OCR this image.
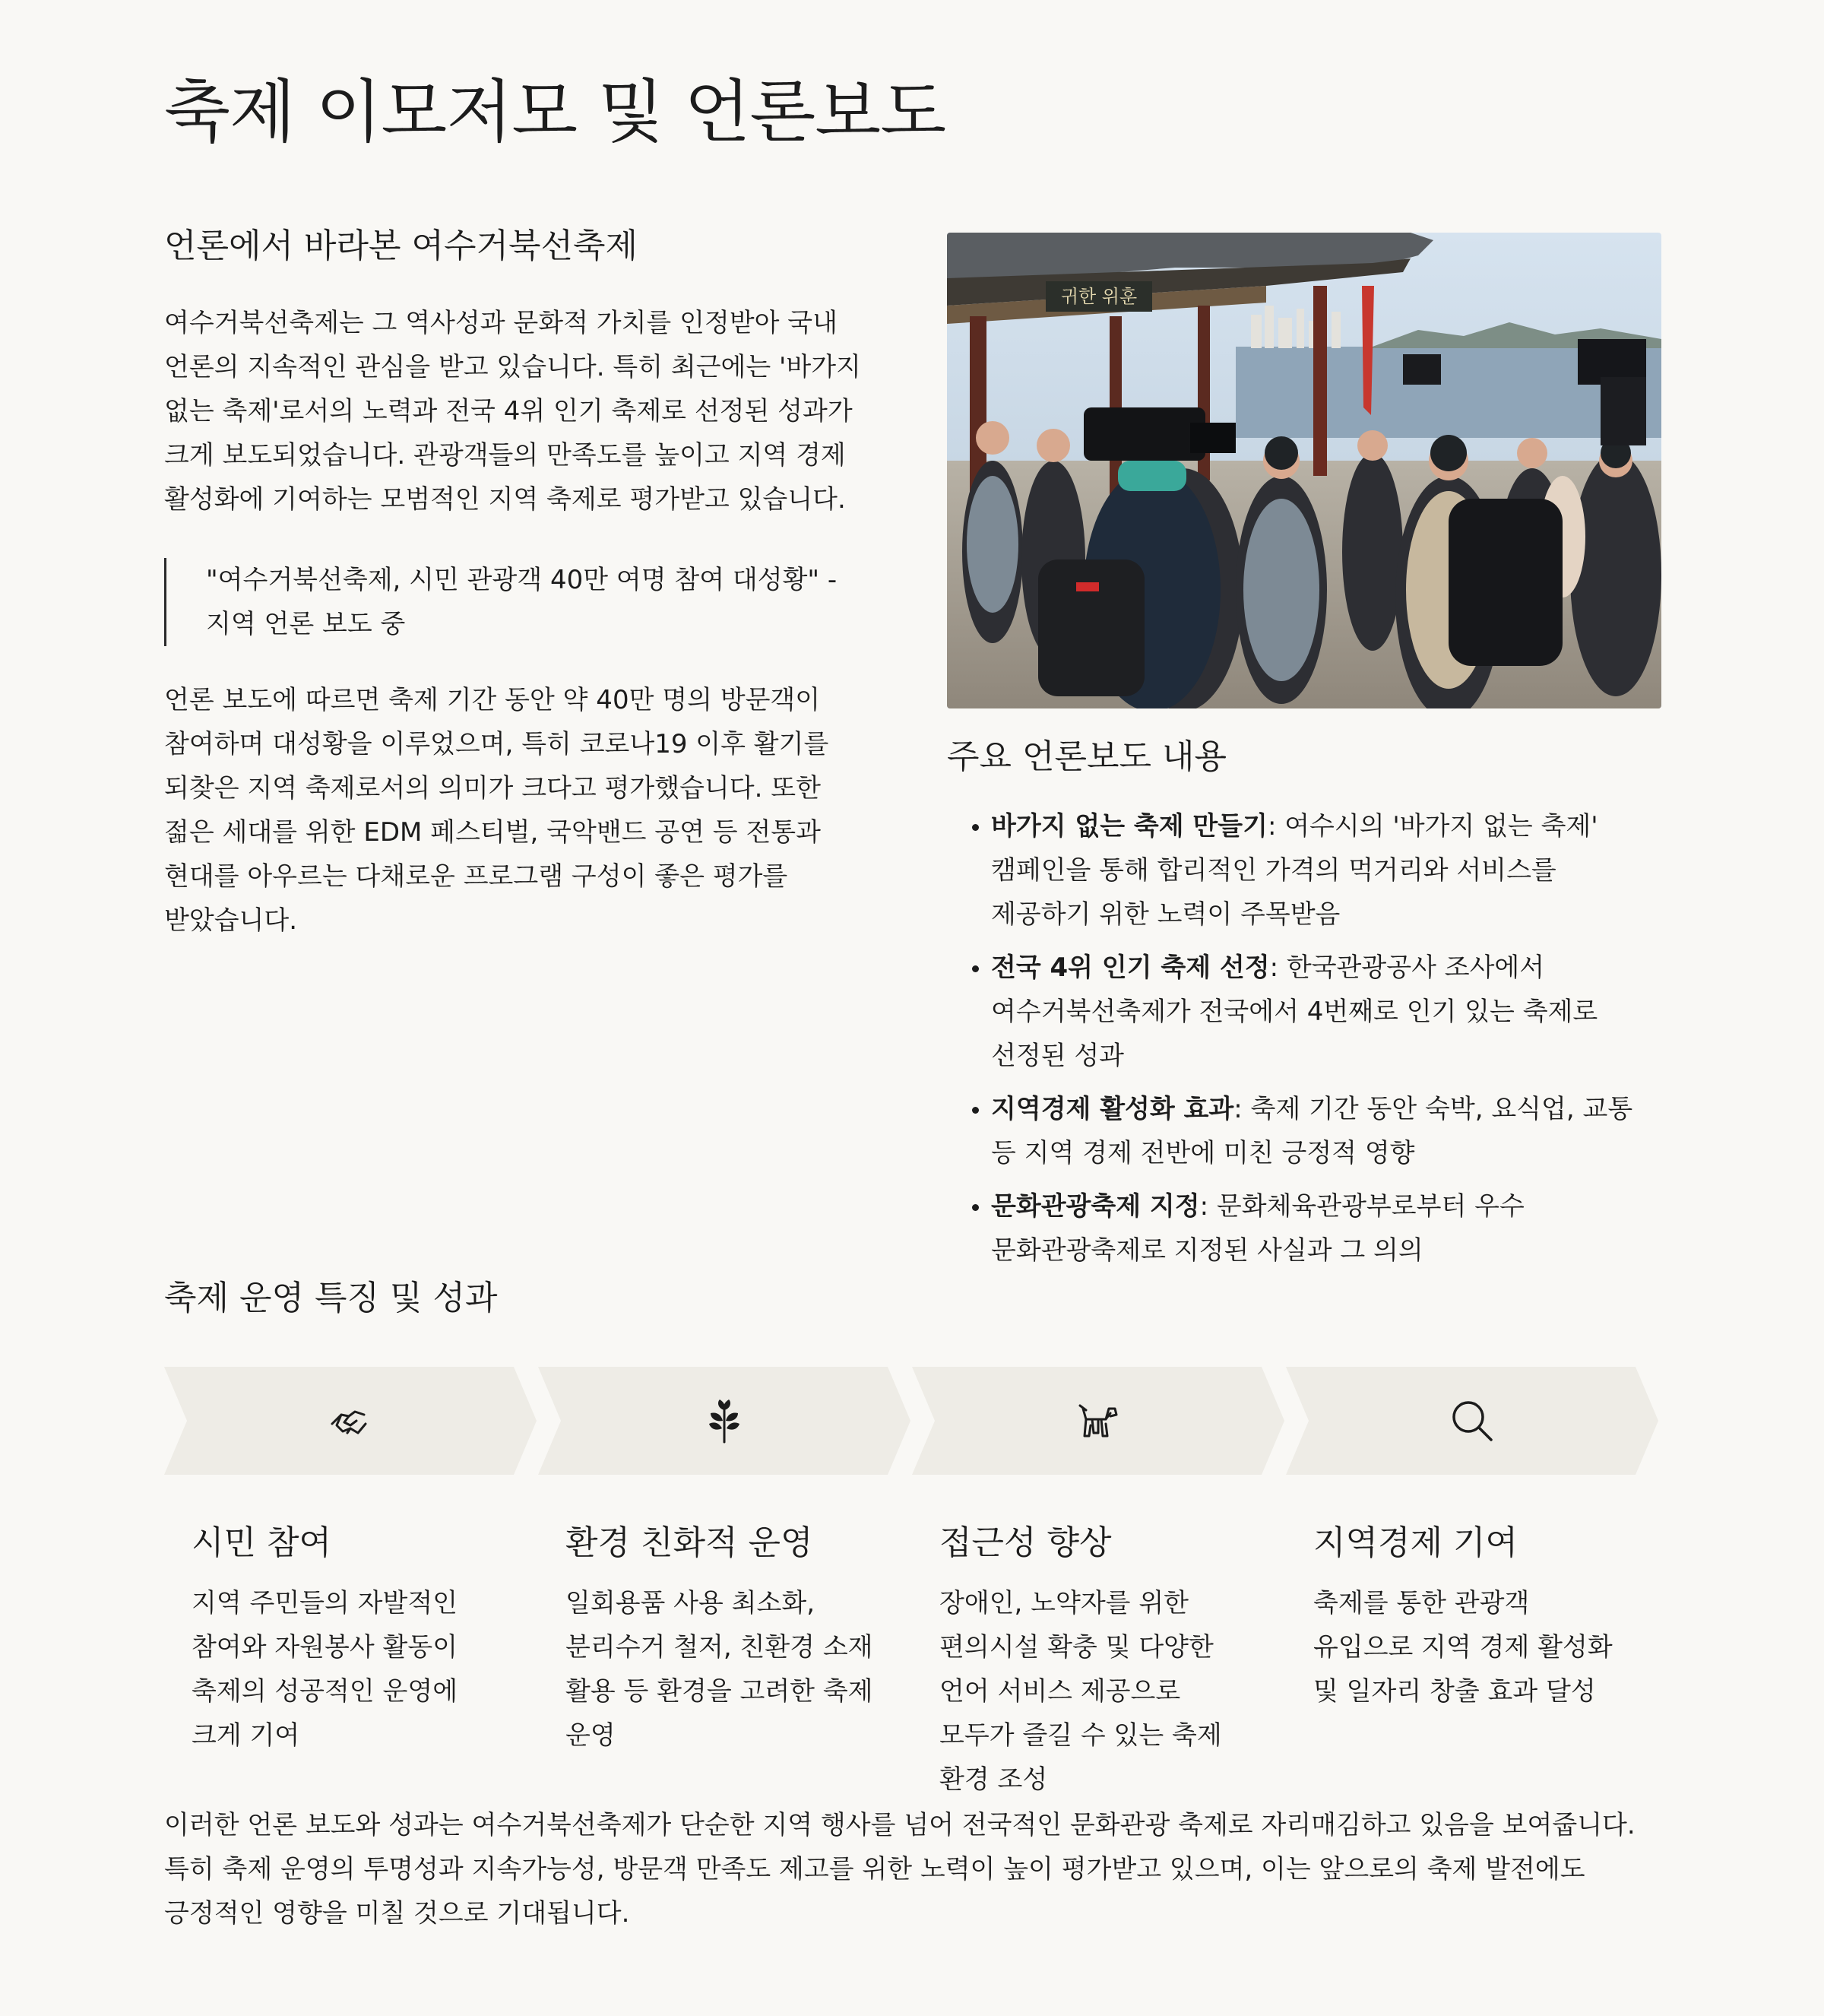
축제 이모저모 및 언론보도
언론에서 바라본 여수거북선축제

여수거북선축제는 그 역사성과 문화적 가치를 인정받아 국내 언론의 지속적인 관심을 받고 있습니다. 특히 최근에는 '바가지 없는 축제'로서의 노력과 전국 4위 인기 축제로 선정된 성과가 크게 보도되었습니다. 관광객들의 만족도를 높이고 지역 경제 활성화에 기여하는 모범적인 지역 축제로 평가받고 있습니다.

"여수거북선축제, 시민 관광객 40만 여명 참여 대성황" - 지역 언론 보도 중

언론 보도에 따르면 축제 기간 동안 약 40만 명의 방문객이 참여하며 대성황을 이루었으며, 특히 코로나19 이후 활기를 되찾은 지역 축제로서의 의미가 크다고 평가했습니다. 또한 젊은 세대를 위한 EDM 페스티벌, 국악밴드 공연 등 전통과 현대를 아우르는 다채로운 프로그램 구성이 좋은 평가를 받았습니다.

귀한 위훈
주요 언론보도 내용
• 바가지 없는 축제 만들기: 여수시의 '바가지 없는 축제' 캠페인을 통해 합리적인 가격의 먹거리와 서비스를 제공하기 위한 노력이 주목받음
• 전국 4위 인기 축제 선정: 한국관광공사 조사에서 여수거북선축제가 전국에서 4번째로 인기 있는 축제로 선정된 성과
• 지역경제 활성화 효과: 축제 기간 동안 숙박, 요식업, 교통 등 지역 경제 전반에 미친 긍정적 영향
• 문화관광축제 지정: 문화체육관광부로부터 우수 문화관광축제로 지정된 사실과 그 의의
축제 운영 특징 및 성과
시민 참여

지역 주민들의 자발적인 참여와 자원봉사 활동이 축제의 성공적인 운영에 크게 기여

환경 친화적 운영

일회용품 사용 최소화, 분리수거 철저, 친환경 소재 활용 등 환경을 고려한 축제 운영

접근성 향상

장애인, 노약자를 위한 편의시설 확충 및 다양한 언어 서비스 제공으로 모두가 즐길 수 있는 축제 환경 조성

지역경제 기여

축제를 통한 관광객 유입으로 지역 경제 활성화 및 일자리 창출 효과 달성

이러한 언론 보도와 성과는 여수거북선축제가 단순한 지역 행사를 넘어 전국적인 문화관광 축제로 자리매김하고 있음을 보여줍니다. 특히 축제 운영의 투명성과 지속가능성, 방문객 만족도 제고를 위한 노력이 높이 평가받고 있으며, 이는 앞으로의 축제 발전에도 긍정적인 영향을 미칠 것으로 기대됩니다.
